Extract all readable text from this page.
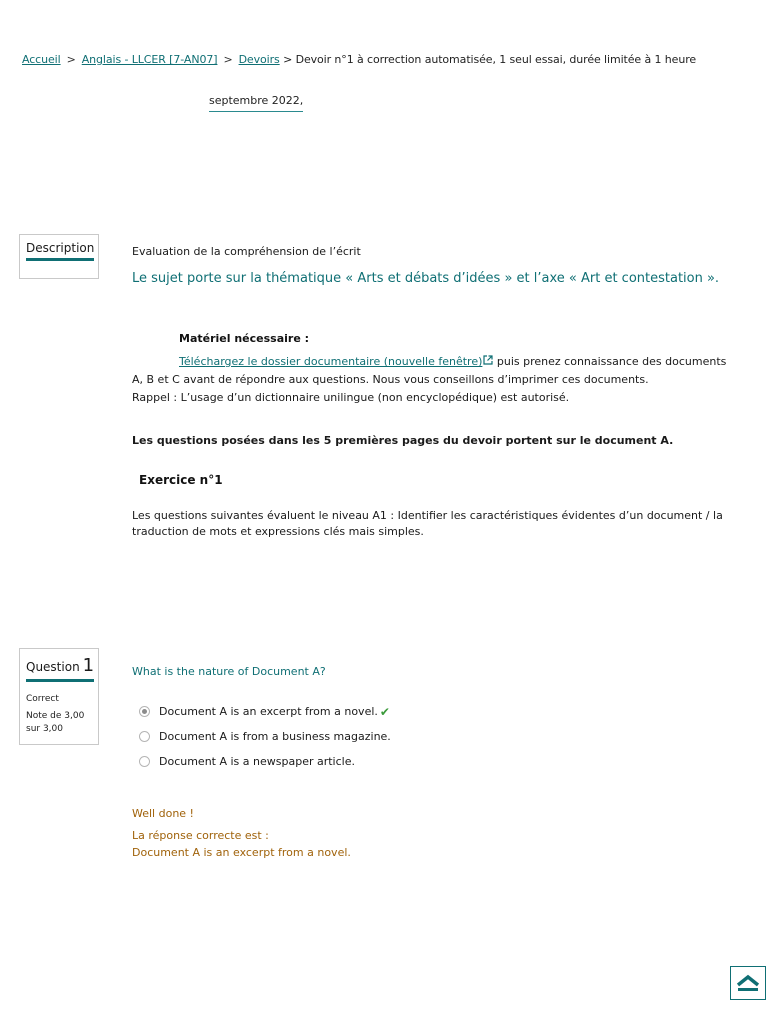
Accueil > Anglais - LLCER [7-AN07] > Devoirs > Devoir n°1 à correction automatisée, 1 seul essai, durée limitée à 1 heure
septembre 2022,
Description	Evaluation de la compréhension de l’écrit
Le sujet porte sur la thématique « Arts et débats d’idées » et l’axe « Art et contestation ».
Matériel nécessaire :
Téléchargez le dossier documentaire (nouvelle fenêtre) puis prenez connaissance des documents A, B et C avant de répondre aux questions. Nous vous conseillons d’imprimer ces documents.
Rappel : L’usage d’un dictionnaire unilingue (non encyclopédique) est autorisé.
Les questions posées dans les 5 premières pages du devoir portent sur le document A.
Exercice n°1
Les questions suivantes évaluent le niveau A1 : Identifier les caractéristiques évidentes d’un document / la traduction de mots et expressions clés mais simples.
Question 1
Correct
Note de 3,00 sur 3,00
What is the nature of Document A?
Document A is an excerpt from a novel. ✔
Document A is from a business magazine.
Document A is a newspaper article.
Well done !
La réponse correcte est :
Document A is an excerpt from a novel.
